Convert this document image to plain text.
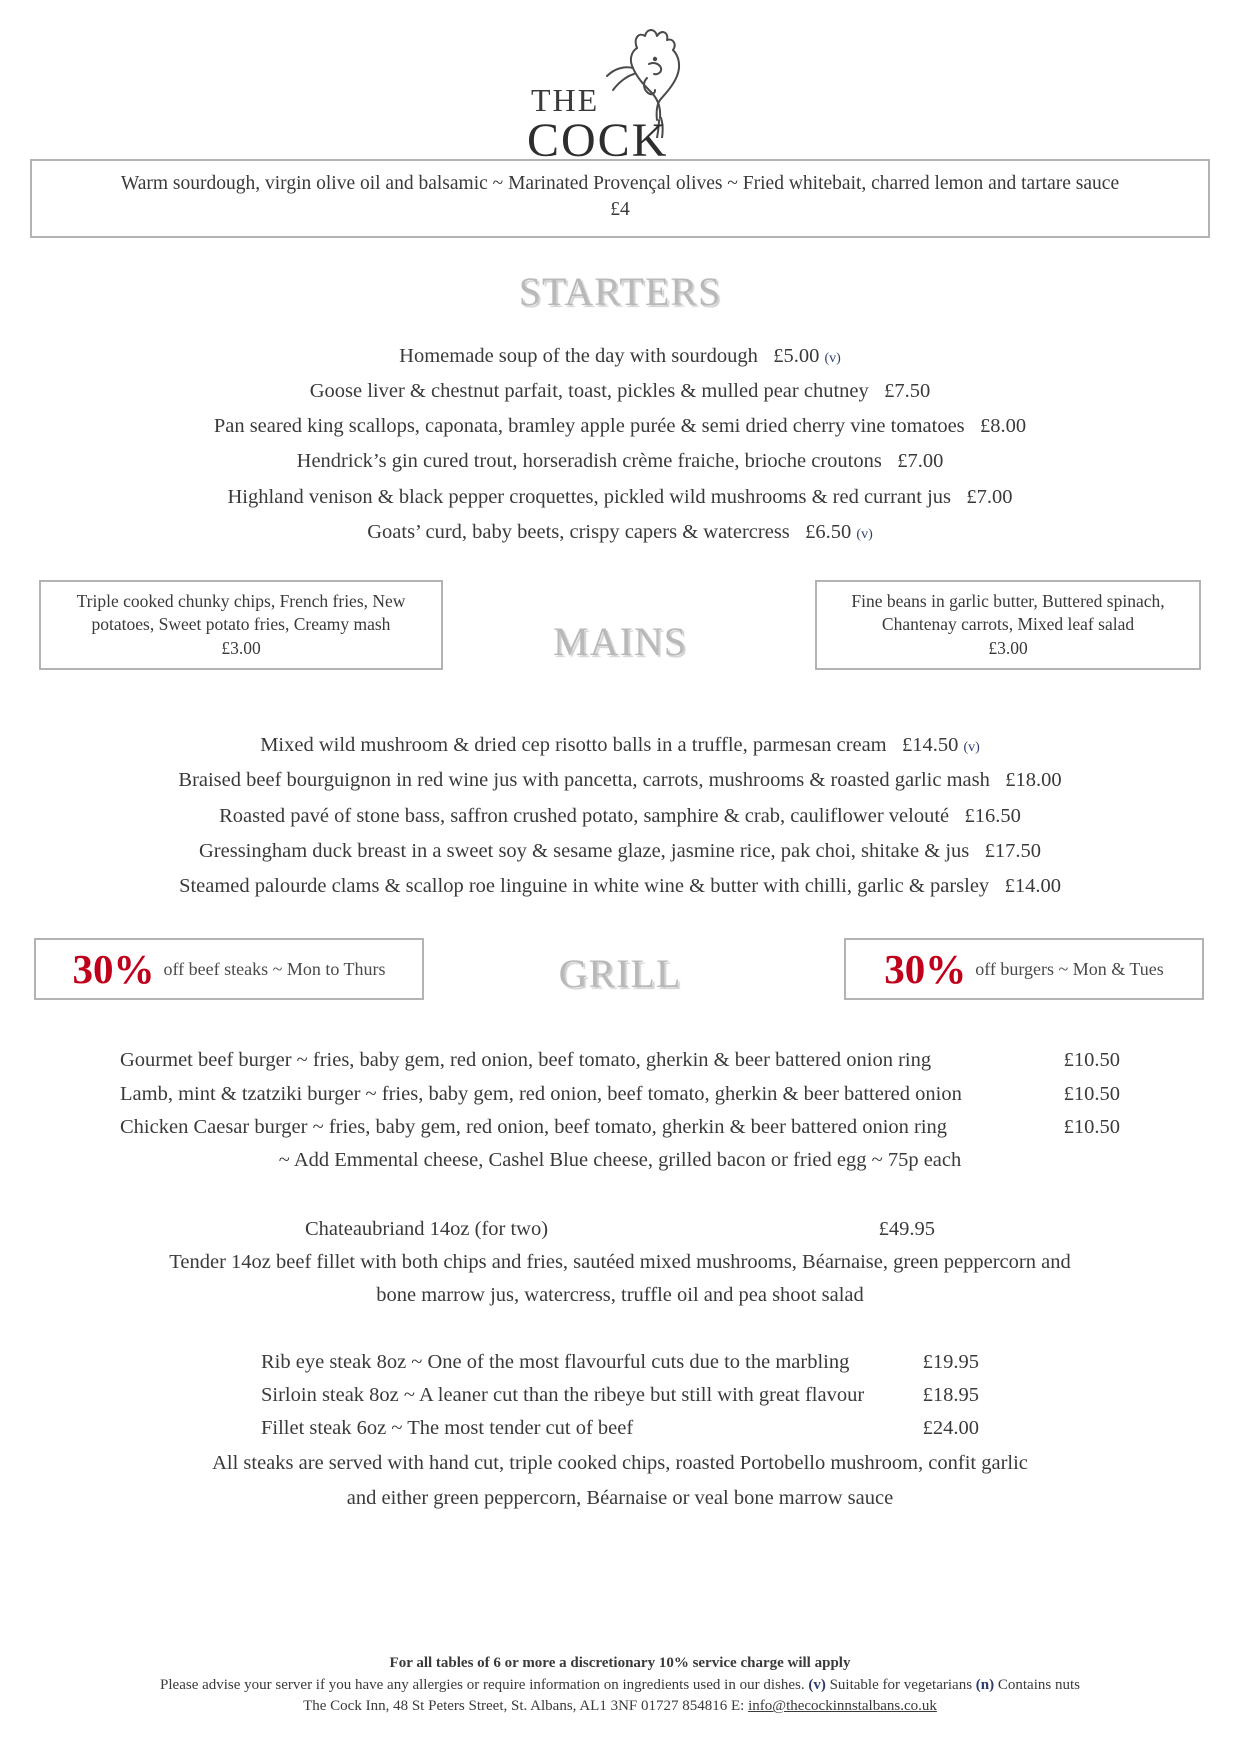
THE
COCK
Warm sourdough, virgin olive oil and balsamic ~ Marinated Provençal olives ~ Fried whitebait, charred lemon and tartare sauce
£4
STARTERS
Homemade soup of the day with sourdough £5.00 (v)
Goose liver & chestnut parfait, toast, pickles & mulled pear chutney £7.50
Pan seared king scallops, caponata, bramley apple purée & semi dried cherry vine tomatoes £8.00
Hendrick’s gin cured trout, horseradish crème fraiche, brioche croutons £7.00
Highland venison & black pepper croquettes, pickled wild mushrooms & red currant jus £7.00
Goats’ curd, baby beets, crispy capers & watercress £6.50 (v)
Triple cooked chunky chips, French fries, New potatoes, Sweet potato fries, Creamy mash
£3.00	MAINS
Fine beans in garlic butter, Buttered spinach, Chantenay carrots, Mixed leaf salad
£3.00
Mixed wild mushroom & dried cep risotto balls in a truffle, parmesan cream £14.50 (v)
Braised beef bourguignon in red wine jus with pancetta, carrots, mushrooms & roasted garlic mash £18.00
Roasted pavé of stone bass, saffron crushed potato, samphire & crab, cauliflower velouté £16.50
Gressingham duck breast in a sweet soy & sesame glaze, jasmine rice, pak choi, shitake & jus £17.50
Steamed palourde clams & scallop roe linguine in white wine & butter with chilli, garlic & parsley £14.00
30% off beef steaks ~ Mon to Thurs	GRILL	30% off burgers ~ Mon & Tues
Gourmet beef burger ~ fries, baby gem, red onion, beef tomato, gherkin & beer battered onion ring	£10.50
Lamb, mint & tzatziki burger ~ fries, baby gem, red onion, beef tomato, gherkin & beer battered onion	£10.50
Chicken Caesar burger ~ fries, baby gem, red onion, beef tomato, gherkin & beer battered onion ring	£10.50
~ Add Emmental cheese, Cashel Blue cheese, grilled bacon or fried egg ~ 75p each
Chateaubriand 14oz (for two)	£49.95
Tender 14oz beef fillet with both chips and fries, sautéed mixed mushrooms, Béarnaise, green peppercorn and
bone marrow jus, watercress, truffle oil and pea shoot salad
Rib eye steak 8oz ~ One of the most flavourful cuts due to the marbling	£19.95
Sirloin steak 8oz ~ A leaner cut than the ribeye but still with great flavour	£18.95
Fillet steak 6oz ~ The most tender cut of beef	£24.00
All steaks are served with hand cut, triple cooked chips, roasted Portobello mushroom, confit garlic
and either green peppercorn, Béarnaise or veal bone marrow sauce
For all tables of 6 or more a discretionary 10% service charge will apply
Please advise your server if you have any allergies or require information on ingredients used in our dishes. (v) Suitable for vegetarians (n) Contains nuts
The Cock Inn, 48 St Peters Street, St. Albans, AL1 3NF 01727 854816 E: info@thecockinnstalbans.co.uk
